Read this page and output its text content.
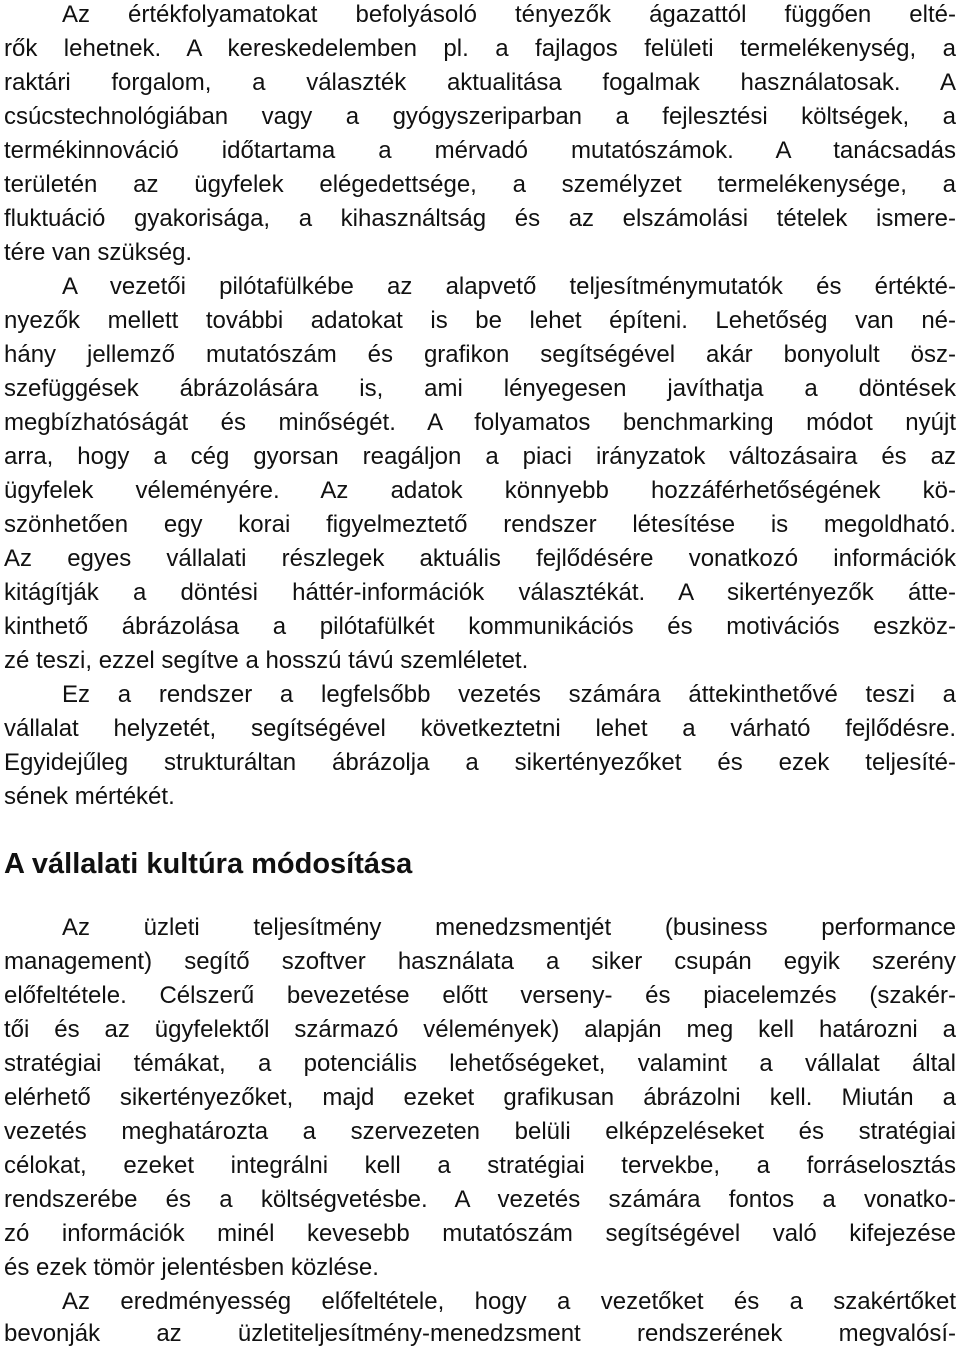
Az értékfolyamatokat befolyásoló tényezők ágazattól függően elté-
rők lehetnek. A kereskedelemben pl. a fajlagos felületi termelékenység, a
raktári forgalom, a választék aktualitása fogalmak használatosak. A
csúcstechnológiában vagy a gyógyszeriparban a fejlesztési költségek, a
termékinnováció időtartama a mérvadó mutatószámok. A tanácsadás
területén az ügyfelek elégedettsége, a személyzet termelékenysége, a
fluktuáció gyakorisága, a kihasználtság és az elszámolási tételek ismere-
tére van szükség.
A vezetői pilótafülkébe az alapvető teljesítménymutatók és értékté-
nyezők mellett további adatokat is be lehet építeni. Lehetőség van né-
hány jellemző mutatószám és grafikon segítségével akár bonyolult ösz-
szefüggések ábrázolására is, ami lényegesen javíthatja a döntések
megbízhatóságát és minőségét. A folyamatos benchmarking módot nyújt
arra, hogy a cég gyorsan reagáljon a piaci irányzatok változásaira és az
ügyfelek véleményére. Az adatok könnyebb hozzáférhetőségének kö-
szönhetően egy korai figyelmeztető rendszer létesítése is megoldható.
Az egyes vállalati részlegek aktuális fejlődésére vonatkozó információk
kitágítják a döntési háttér-információk választékát. A sikertényezők átte-
kinthető ábrázolása a pilótafülkét kommunikációs és motivációs eszköz-
zé teszi, ezzel segítve a hosszú távú szemléletet.
Ez a rendszer a legfelsőbb vezetés számára áttekinthetővé teszi a
vállalat helyzetét, segítségével következtetni lehet a várható fejlődésre.
Egyidejűleg strukturáltan ábrázolja a sikertényezőket és ezek teljesíté-
sének mértékét.
A vállalati kultúra módosítása
Az üzleti teljesítmény menedzsmentjét (business performance
management) segítő szoftver használata a siker csupán egyik szerény
előfeltétele. Célszerű bevezetése előtt verseny- és piacelemzés (szakér-
tői és az ügyfelektől származó vélemények) alapján meg kell határozni a
stratégiai témákat, a potenciális lehetőségeket, valamint a vállalat által
elérhető sikertényezőket, majd ezeket grafikusan ábrázolni kell. Miután a
vezetés meghatározta a szervezeten belüli elképzeléseket és stratégiai
célokat, ezeket integrálni kell a stratégiai tervekbe, a forráselosztás
rendszerébe és a költségvetésbe. A vezetés számára fontos a vonatko-
zó információk minél kevesebb mutatószám segítségével való kifejezése
és ezek tömör jelentésben közlése.
Az eredményesség előfeltétele, hogy a vezetőket és a szakértőket
bevonják az üzletiteljesítmény-menedzsment rendszerének megvalósí-
